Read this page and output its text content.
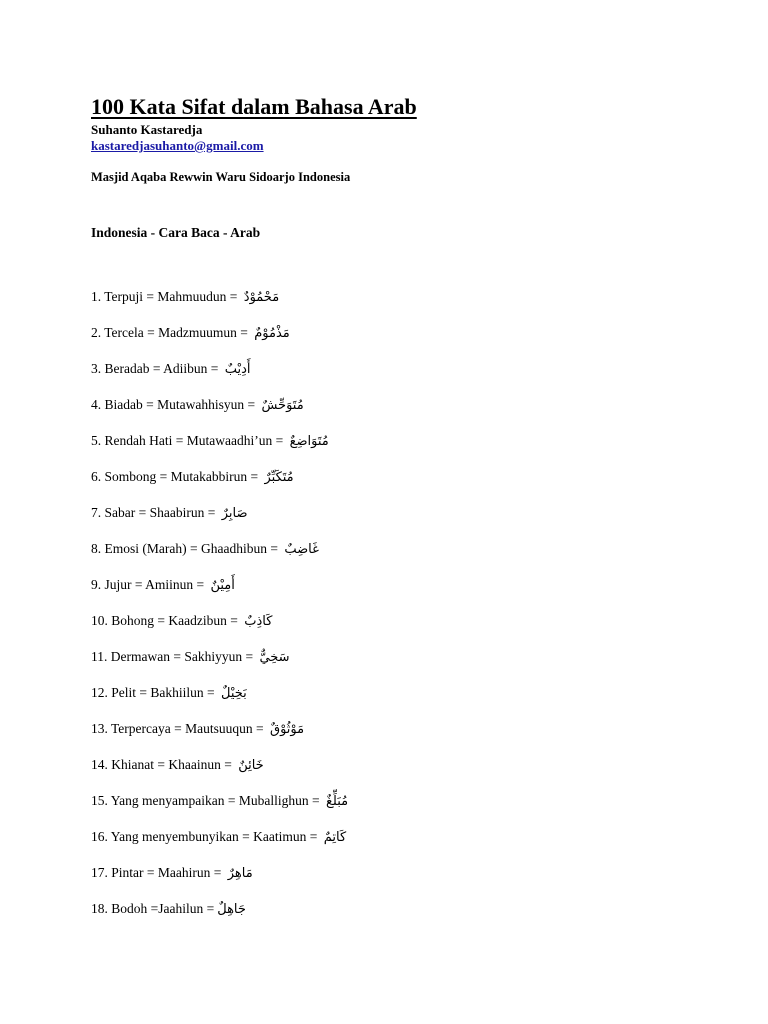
100 Kata Sifat dalam Bahasa Arab
Suhanto Kastaredja
kastaredjasuhanto@gmail.com
Masjid Aqaba Rewwin Waru Sidoarjo Indonesia
Indonesia - Cara Baca - Arab
1. Terpuji = Mahmuudun = مَحْمُوْدٌ
2. Tercela = Madzmuumun = مَذْمُوْمٌ
3. Beradab = Adiibun = أَدِيْبٌ
4. Biadab = Mutawahhisyun = مُتَوَحِّشٌ
5. Rendah Hati = Mutawaadhi’un = مُتَوَاضِعٌ
6. Sombong = Mutakabbirun = مُتَكَبِّرٌ
7. Sabar = Shaabirun = صَابِرٌ
8. Emosi (Marah) = Ghaadhibun = غَاضِبٌ
9. Jujur = Amiinun = أَمِيْنٌ
10. Bohong = Kaadzibun = كَاذِبٌ
11. Dermawan = Sakhiyyun = سَخِيٌّ
12. Pelit = Bakhiilun = بَخِيْلٌ
13. Terpercaya = Mautsuuqun = مَوْثُوْقٌ
14. Khianat = Khaainun = خَائِنٌ
15. Yang menyampaikan = Muballighun = مُبَلِّغٌ
16. Yang menyembunyikan = Kaatimun = كَاتِمٌ
17. Pintar = Maahirun = مَاهِرٌ
18. Bodoh =Jaahilun = جَاهِلٌ
